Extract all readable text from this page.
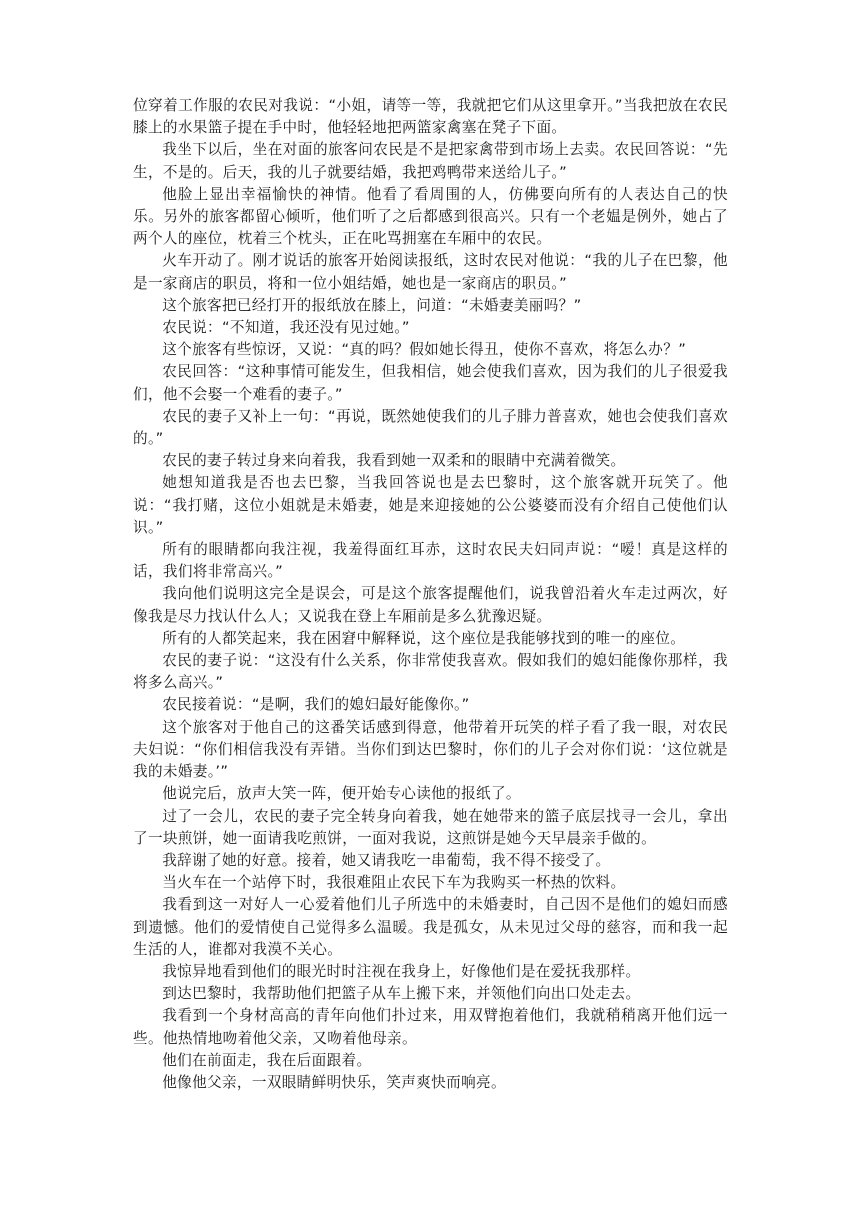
位穿着工作服的农民对我说：“小姐，请等一等，我就把它们从这里拿开。”当我把放在农民膝上的水果篮子提在手中时，他轻轻地把两篮家禽塞在凳子下面。

我坐下以后，坐在对面的旅客问农民是不是把家禽带到市场上去卖。农民回答说：“先生，不是的。后天，我的儿子就要结婚，我把鸡鸭带来送给儿子。”

他脸上显出幸福愉快的神情。他看了看周围的人，仿佛要向所有的人表达自己的快乐。另外的旅客都留心倾听，他们听了之后都感到很高兴。只有一个老媪是例外，她占了两个人的座位，枕着三个枕头，正在叱骂拥塞在车厢中的农民。

火车开动了。刚才说话的旅客开始阅读报纸，这时农民对他说：“我的儿子在巴黎，他是一家商店的职员，将和一位小姐结婚，她也是一家商店的职员。”

这个旅客把已经打开的报纸放在膝上，问道：“未婚妻美丽吗？”

农民说：“不知道，我还没有见过她。”

这个旅客有些惊讶，又说：“真的吗？假如她长得丑，使你不喜欢，将怎么办？”

农民回答：“这种事情可能发生，但我相信，她会使我们喜欢，因为我们的儿子很爱我们，他不会娶一个难看的妻子。”

农民的妻子又补上一句：“再说，既然她使我们的儿子腓力普喜欢，她也会使我们喜欢的。”

农民的妻子转过身来向着我，我看到她一双柔和的眼睛中充满着微笑。

她想知道我是否也去巴黎，当我回答说也是去巴黎时，这个旅客就开玩笑了。他说：“我打赌，这位小姐就是未婚妻，她是来迎接她的公公婆婆而没有介绍自己使他们认识。”

所有的眼睛都向我注视，我羞得面红耳赤，这时农民夫妇同声说：“嗳！真是这样的话，我们将非常高兴。”

我向他们说明这完全是误会，可是这个旅客提醒他们，说我曾沿着火车走过两次，好像我是尽力找认什么人；又说我在登上车厢前是多么犹豫迟疑。

所有的人都笑起来，我在困窘中解释说，这个座位是我能够找到的唯一的座位。

农民的妻子说：“这没有什么关系，你非常使我喜欢。假如我们的媳妇能像你那样，我将多么高兴。”

农民接着说：“是啊，我们的媳妇最好能像你。”

这个旅客对于他自己的这番笑话感到得意，他带着开玩笑的样子看了我一眼，对农民夫妇说：“你们相信我没有弄错。当你们到达巴黎时，你们的儿子会对你们说：‘这位就是我的未婚妻。’”

他说完后，放声大笑一阵，便开始专心读他的报纸了。

过了一会儿，农民的妻子完全转身向着我，她在她带来的篮子底层找寻一会儿，拿出了一块煎饼，她一面请我吃煎饼，一面对我说，这煎饼是她今天早晨亲手做的。

我辞谢了她的好意。接着，她又请我吃一串葡萄，我不得不接受了。

当火车在一个站停下时，我很难阻止农民下车为我购买一杯热的饮料。

我看到这一对好人一心爱着他们儿子所选中的未婚妻时，自己因不是他们的媳妇而感到遗憾。他们的爱情使自己觉得多么温暖。我是孤女，从未见过父母的慈容，而和我一起生活的人，谁都对我漠不关心。

我惊异地看到他们的眼光时时注视在我身上，好像他们是在爱抚我那样。

到达巴黎时，我帮助他们把篮子从车上搬下来，并领他们向出口处走去。

我看到一个身材高高的青年向他们扑过来，用双臂抱着他们，我就稍稍离开他们远一些。他热情地吻着他父亲，又吻着他母亲。

他们在前面走，我在后面跟着。

他像他父亲，一双眼睛鲜明快乐，笑声爽快而响亮。
